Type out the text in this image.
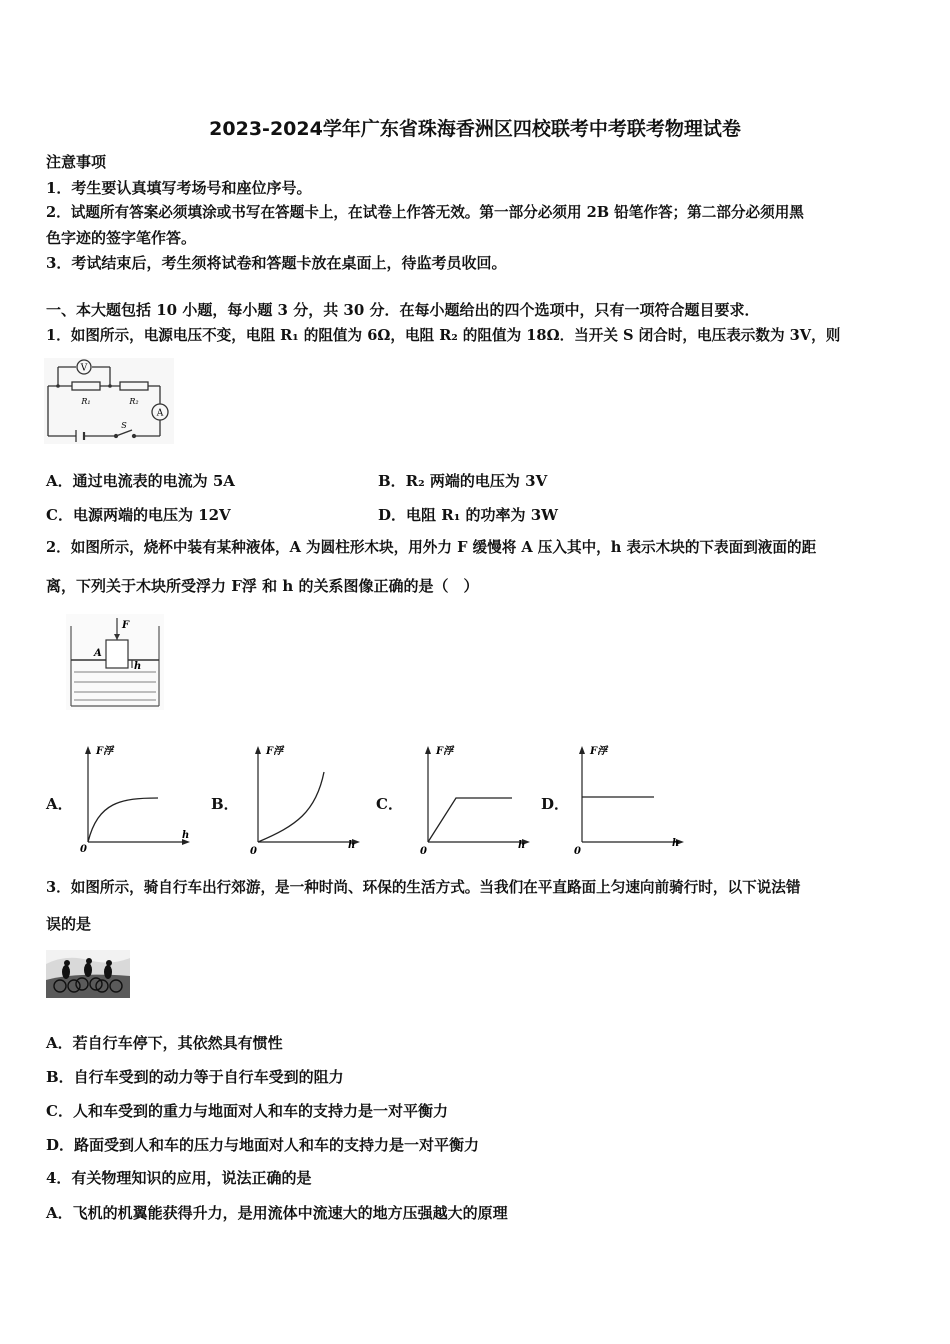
2023-2024学年广东省珠海香洲区四校联考中考联考物理试卷
注意事项
1．考生要认真填写考场号和座位序号。
2．试题所有答案必须填涂或书写在答题卡上，在试卷上作答无效。第一部分必须用 2B 铅笔作答；第二部分必须用黑
色字迹的签字笔作答。
3．考试结束后，考生须将试卷和答题卡放在桌面上，待监考员收回。
一、本大题包括 10 小题，每小题 3 分，共 30 分．在每小题给出的四个选项中，只有一项符合题目要求．
1．如图所示，电源电压不变，电阻 R₁ 的阻值为 6Ω，电阻 R₂ 的阻值为 18Ω．当开关 S 闭合时，电压表示数为 3V，则
V
A
R₁	R₂
S
A．通过电流表的电流为 5A	B．R₂ 两端的电压为 3V
C．电源两端的电压为 12V	D．电阻 R₁ 的功率为 3W
2．如图所示，烧杯中装有某种液体，A 为圆柱形木块，用外力 F 缓慢将 A 压入其中，h 表示木块的下表面到液面的距
离，下列关于木块所受浮力 F浮 和 h 的关系图像正确的是（　）
F
A
h
A．	B．	C．	D．
F浮
h
0
F浮
h
0
F浮
h
0
F浮
h
0
3．如图所示，骑自行车出行郊游，是一种时尚、环保的生活方式。当我们在平直路面上匀速向前骑行时，以下说法错
误的是
A．若自行车停下，其依然具有惯性
B．自行车受到的动力等于自行车受到的阻力
C．人和车受到的重力与地面对人和车的支持力是一对平衡力
D．路面受到人和车的压力与地面对人和车的支持力是一对平衡力
4．有关物理知识的应用，说法正确的是
A．飞机的机翼能获得升力，是用流体中流速大的地方压强越大的原理
